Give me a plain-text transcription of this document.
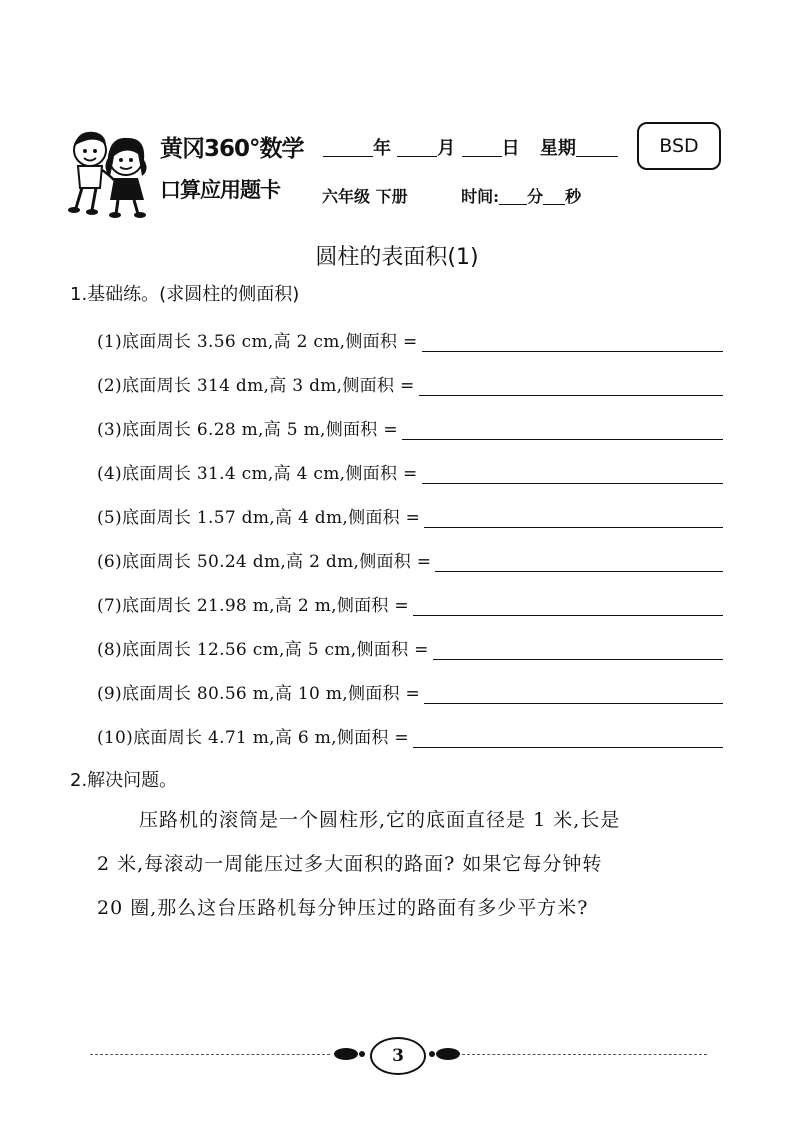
黄冈360°数学
口算应用题卡
年	月	日 星期
六年级 下册	时间: 分 秒
BSD
圆柱的表面积(1)
1.基础练。(求圆柱的侧面积)
(1)底面周长 3.56 cm,高 2 cm,侧面积 =
(2)底面周长 314 dm,高 3 dm,侧面积 =
(3)底面周长 6.28 m,高 5 m,侧面积 =
(4)底面周长 31.4 cm,高 4 cm,侧面积 =
(5)底面周长 1.57 dm,高 4 dm,侧面积 =
(6)底面周长 50.24 dm,高 2 dm,侧面积 =
(7)底面周长 21.98 m,高 2 m,侧面积 =
(8)底面周长 12.56 cm,高 5 cm,侧面积 =
(9)底面周长 80.56 m,高 10 m,侧面积 =
(10)底面周长 4.71 m,高 6 m,侧面积 =
2.解决问题。
压路机的滚筒是一个圆柱形,它的底面直径是 1 米,长是
2 米,每滚动一周能压过多大面积的路面? 如果它每分钟转
20 圈,那么这台压路机每分钟压过的路面有多少平方米?
3
